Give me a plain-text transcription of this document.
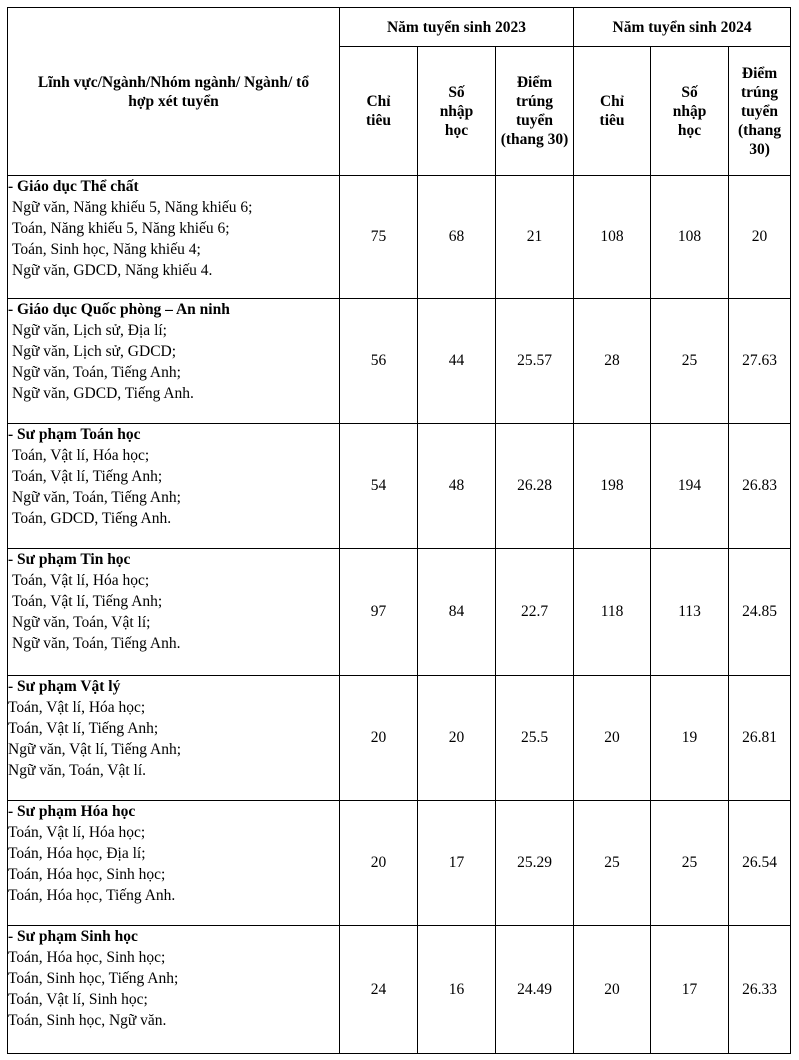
Lĩnh vực/Ngành/Nhóm ngành/ Ngành/ tổ hợp xét tuyển	Năm tuyển sinh 2023			Năm tuyển sinh 2024		
	Chỉ tiêu	Số nhập học	Điểm trúng tuyển (thang 30)	Chỉ tiêu	Số nhập học	Điểm trúng tuyển (thang 30)

- Giáo dục Thể chất
Ngữ văn, Năng khiếu 5, Năng khiếu 6;
Toán, Năng khiếu 5, Năng khiếu 6;
Toán, Sinh học, Năng khiếu 4;
Ngữ văn, GDCD, Năng khiếu 4.	75	68	21	108	108	20

- Giáo dục Quốc phòng – An ninh
Ngữ văn, Lịch sử, Địa lí;
Ngữ văn, Lịch sử, GDCD;
Ngữ văn, Toán, Tiếng Anh;
Ngữ văn, GDCD, Tiếng Anh.	56	44	25.57	28	25	27.63

- Sư phạm Toán học
Toán, Vật lí, Hóa học;
Toán, Vật lí, Tiếng Anh;
Ngữ văn, Toán, Tiếng Anh;
Toán, GDCD, Tiếng Anh.	54	48	26.28	198	194	26.83

- Sư phạm Tin học
Toán, Vật lí, Hóa học;
Toán, Vật lí, Tiếng Anh;
Ngữ văn, Toán, Vật lí;
Ngữ văn, Toán, Tiếng Anh.	97	84	22.7	118	113	24.85

- Sư phạm Vật lý
Toán, Vật lí, Hóa học;
Toán, Vật lí, Tiếng Anh;
Ngữ văn, Vật lí, Tiếng Anh;
Ngữ văn, Toán, Vật lí.	20	20	25.5	20	19	26.81

- Sư phạm Hóa học
Toán, Vật lí, Hóa học;
Toán, Hóa học, Địa lí;
Toán, Hóa học, Sinh học;
Toán, Hóa học, Tiếng Anh.	20	17	25.29	25	25	26.54

- Sư phạm Sinh học
Toán, Hóa học, Sinh học;
Toán, Sinh học, Tiếng Anh;
Toán, Vật lí, Sinh học;
Toán, Sinh học, Ngữ văn.	24	16	24.49	20	17	26.33
